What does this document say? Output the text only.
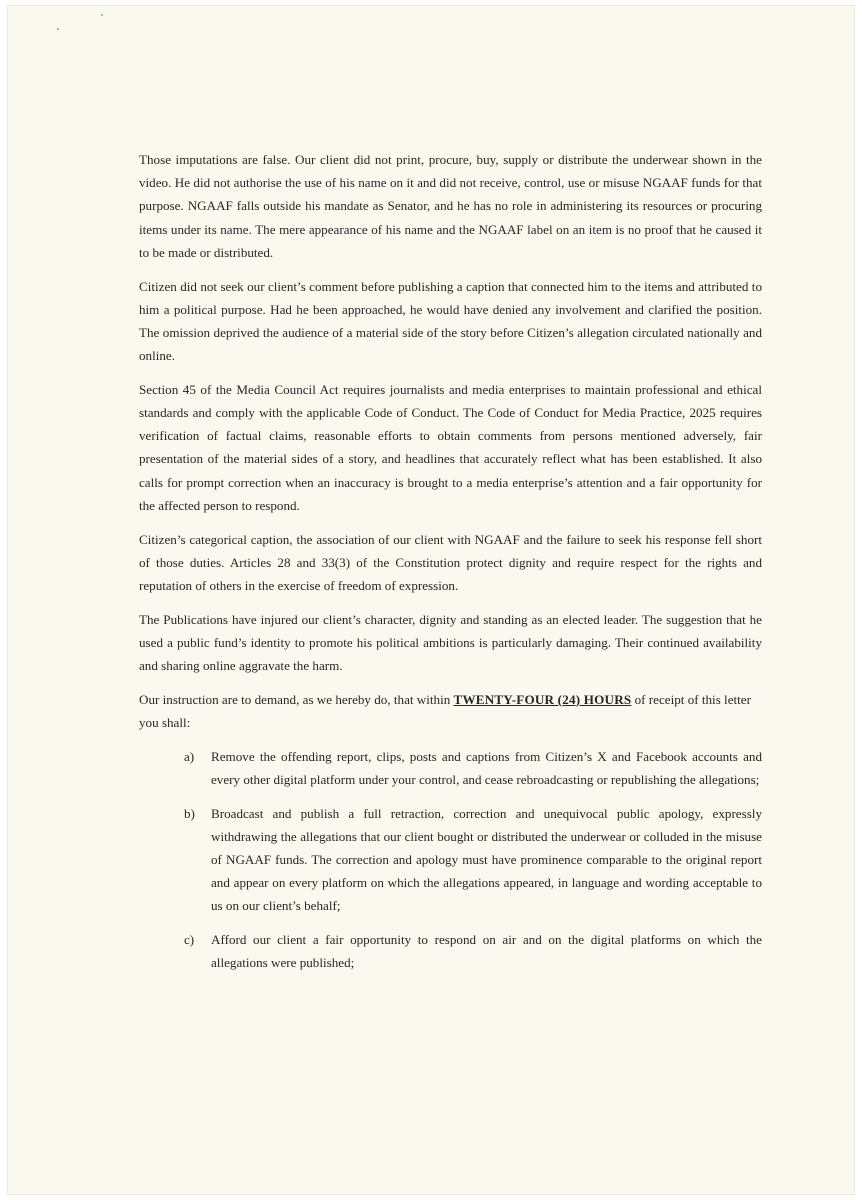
Those imputations are false. Our client did not print, procure, buy, supply or distribute the underwear shown in the video. He did not authorise the use of his name on it and did not receive, control, use or misuse NGAAF funds for that purpose. NGAAF falls outside his mandate as Senator, and he has no role in administering its resources or procuring items under its name. The mere appearance of his name and the NGAAF label on an item is no proof that he caused it to be made or distributed.

Citizen did not seek our client’s comment before publishing a caption that connected him to the items and attributed to him a political purpose. Had he been approached, he would have denied any involvement and clarified the position. The omission deprived the audience of a material side of the story before Citizen’s allegation circulated nationally and online.

Section 45 of the Media Council Act requires journalists and media enterprises to maintain professional and ethical standards and comply with the applicable Code of Conduct. The Code of Conduct for Media Practice, 2025 requires verification of factual claims, reasonable efforts to obtain comments from persons mentioned adversely, fair presentation of the material sides of a story, and headlines that accurately reflect what has been established. It also calls for prompt correction when an inaccuracy is brought to a media enterprise’s attention and a fair opportunity for the affected person to respond.

Citizen’s categorical caption, the association of our client with NGAAF and the failure to seek his response fell short of those duties. Articles 28 and 33(3) of the Constitution protect dignity and require respect for the rights and reputation of others in the exercise of freedom of expression.

The Publications have injured our client’s character, dignity and standing as an elected leader. The suggestion that he used a public fund’s identity to promote his political ambitions is particularly damaging. Their continued availability and sharing online aggravate the harm.

Our instruction are to demand, as we hereby do, that within TWENTY-FOUR (24) HOURS of receipt of this letter you shall:

a) Remove the offending report, clips, posts and captions from Citizen’s X and Facebook accounts and every other digital platform under your control, and cease rebroadcasting or republishing the allegations;
b) Broadcast and publish a full retraction, correction and unequivocal public apology, expressly withdrawing the allegations that our client bought or distributed the underwear or colluded in the misuse of NGAAF funds. The correction and apology must have prominence comparable to the original report and appear on every platform on which the allegations appeared, in language and wording acceptable to us on our client’s behalf;
c) Afford our client a fair opportunity to respond on air and on the digital platforms on which the allegations were published;
